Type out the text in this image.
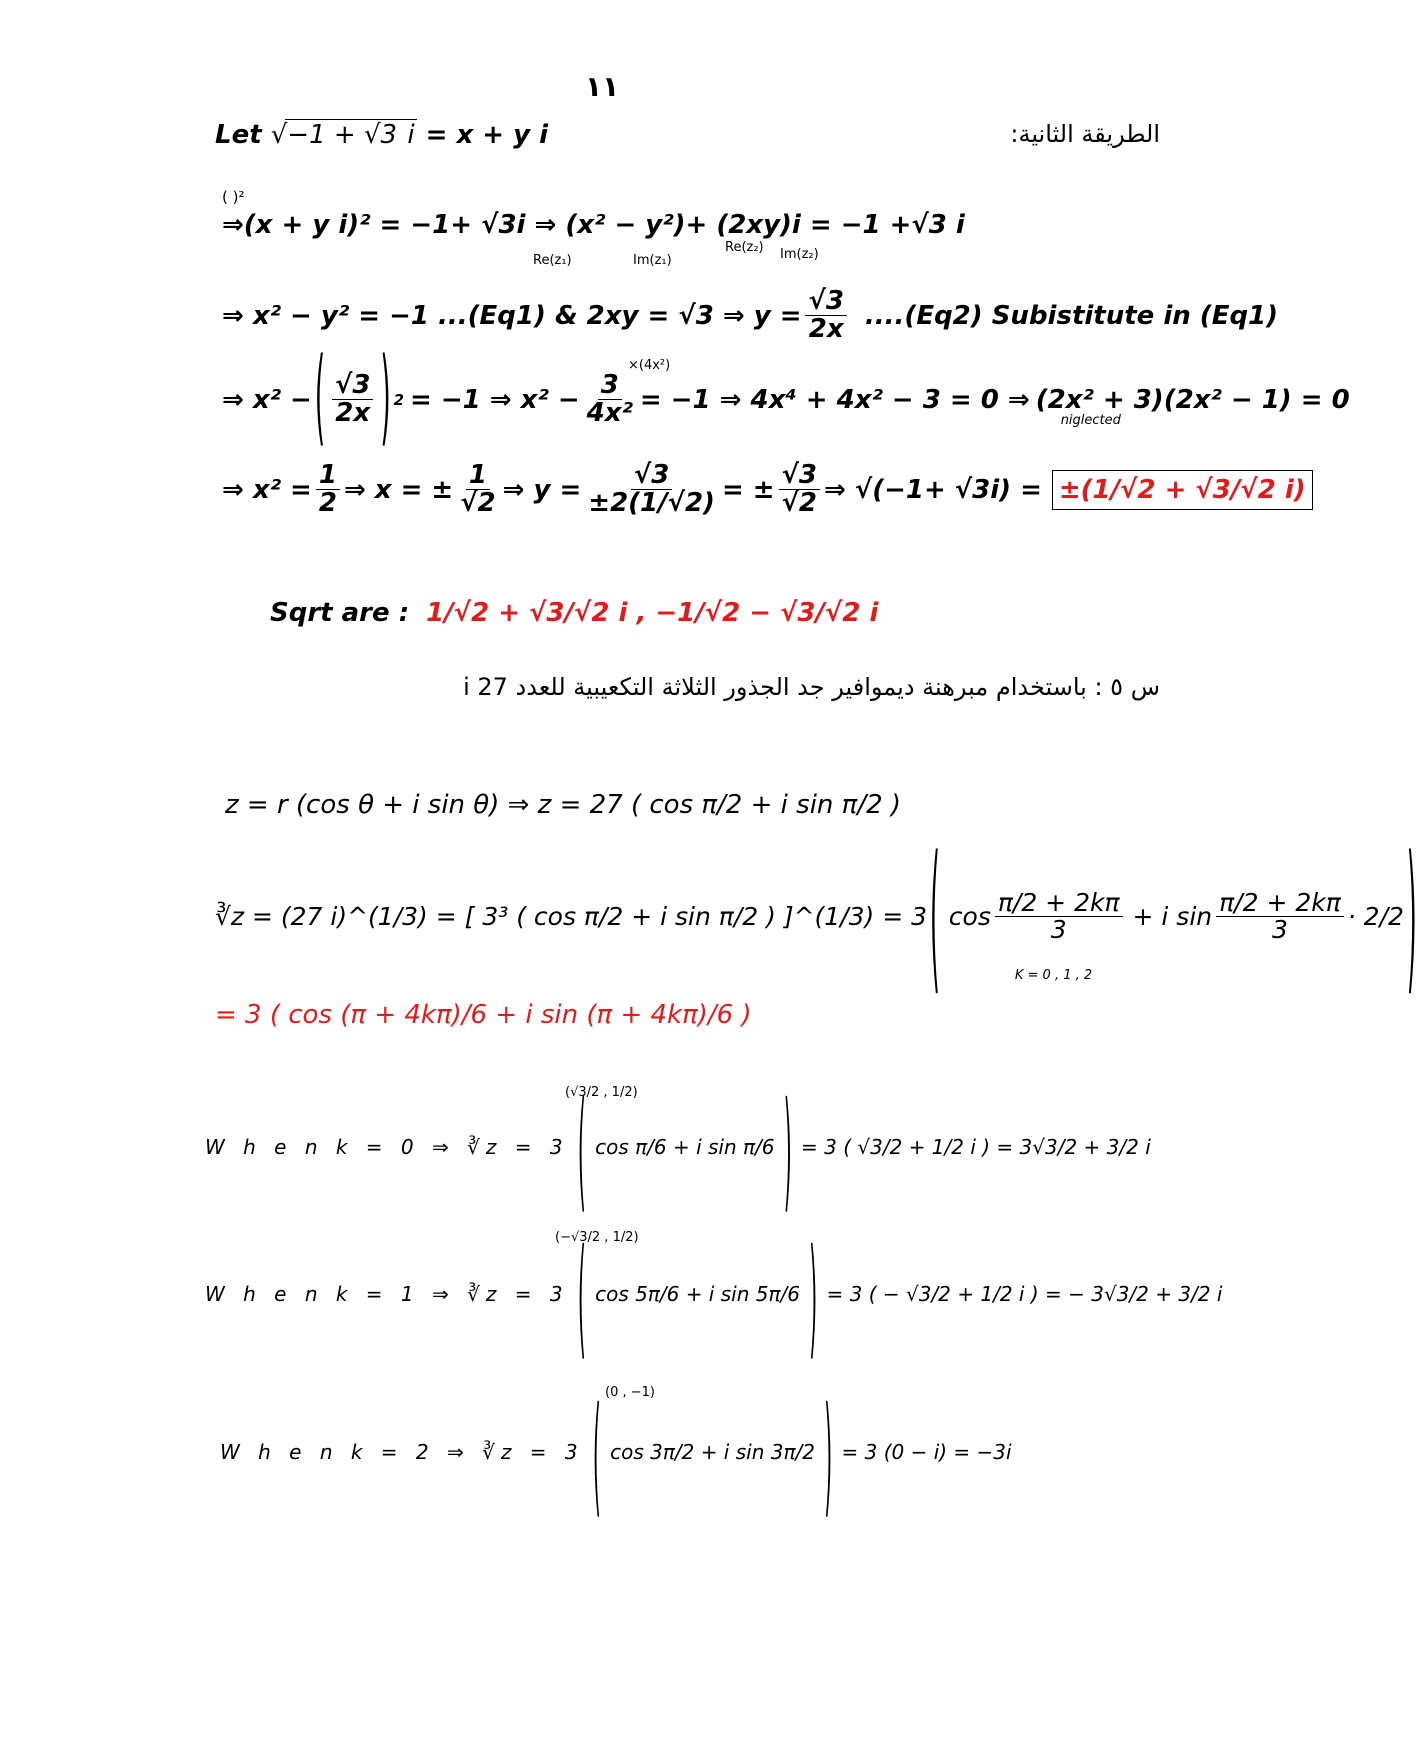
١١
الطريقة الثانية:
Let √−1 + √3 i = x + y i
( )²
⇒(x + y i)² = −1+ √3i ⇒ (x² − y²)+ (2xy)i = −1 +√3 i
Re(z₁)	Im(z₁)
Re(z₂) Im(z₂)
⇒ x² − y² = −1 ...(Eq1) & 2xy = √3 ⇒ $y = \frac{√3}{2x} ....(Eq2)$ Subistitute in (Eq1)
×(4x²)
⇒ x² − ( √3
2x ) 2 = −1 ⇒ $x^2 - \frac{3}{\text{4x²}} = -1$ ⇒ 4x⁴ + 4x² − 3 = 0 ⇒ (2x² + 3)
niglected
(2x² − 1) = 0
⇒ $x^2 = \frac{1}{2}$ ⇒ x = ± $\frac{1}{√2}$ ⇒ $y = \frac{√3}{\pm 2(1/√2)}$ = ± $\frac{√3}{√2}$ ⇒ √(−1+ √3i) = ±(1/√2 + √3/√2 i)
Sqrt are : 1/√2 + √3/√2 i , −1/√2 − √3/√2 i
س ٥ : باستخدام مبرهنة ديموافير جد الجذور الثلاثة التكعيبية للعدد 27 i
z = r (cos θ + i sin θ) ⇒ z = 27 ( cos π/2 + i sin π/2 )
∛z = (27 i)^(1/3) = [ 3³ ( cos π/2 + i sin π/2 ) ]^(1/3) = 3 ( cos π/2 + 2kπ
3
K = 0 , 1 , 2
+ i sin π/2 + 2kπ
3 · 2/2 )
= 3 ( cos (π + 4kπ)/6 + i sin (π + 4kπ)/6 )
(√3/2 , 1/2)
W h e n k = 0 ⇒ ∛z = 3 ( cos π/6 + i sin π/6 ) = 3 ( √3/2 + 1/2 i ) = 3√3/2 + 3/2 i
(−√3/2 , 1/2)
W h e n k = 1 ⇒ ∛z = 3 ( cos 5π/6 + i sin 5π/6 ) = 3 ( − √3/2 + 1/2 i ) = − 3√3/2 + 3/2 i
(0 , −1)
W h e n k = 2 ⇒ ∛z = 3 ( cos 3π/2 + i sin 3π/2 ) = 3 (0 − i) = −3i
